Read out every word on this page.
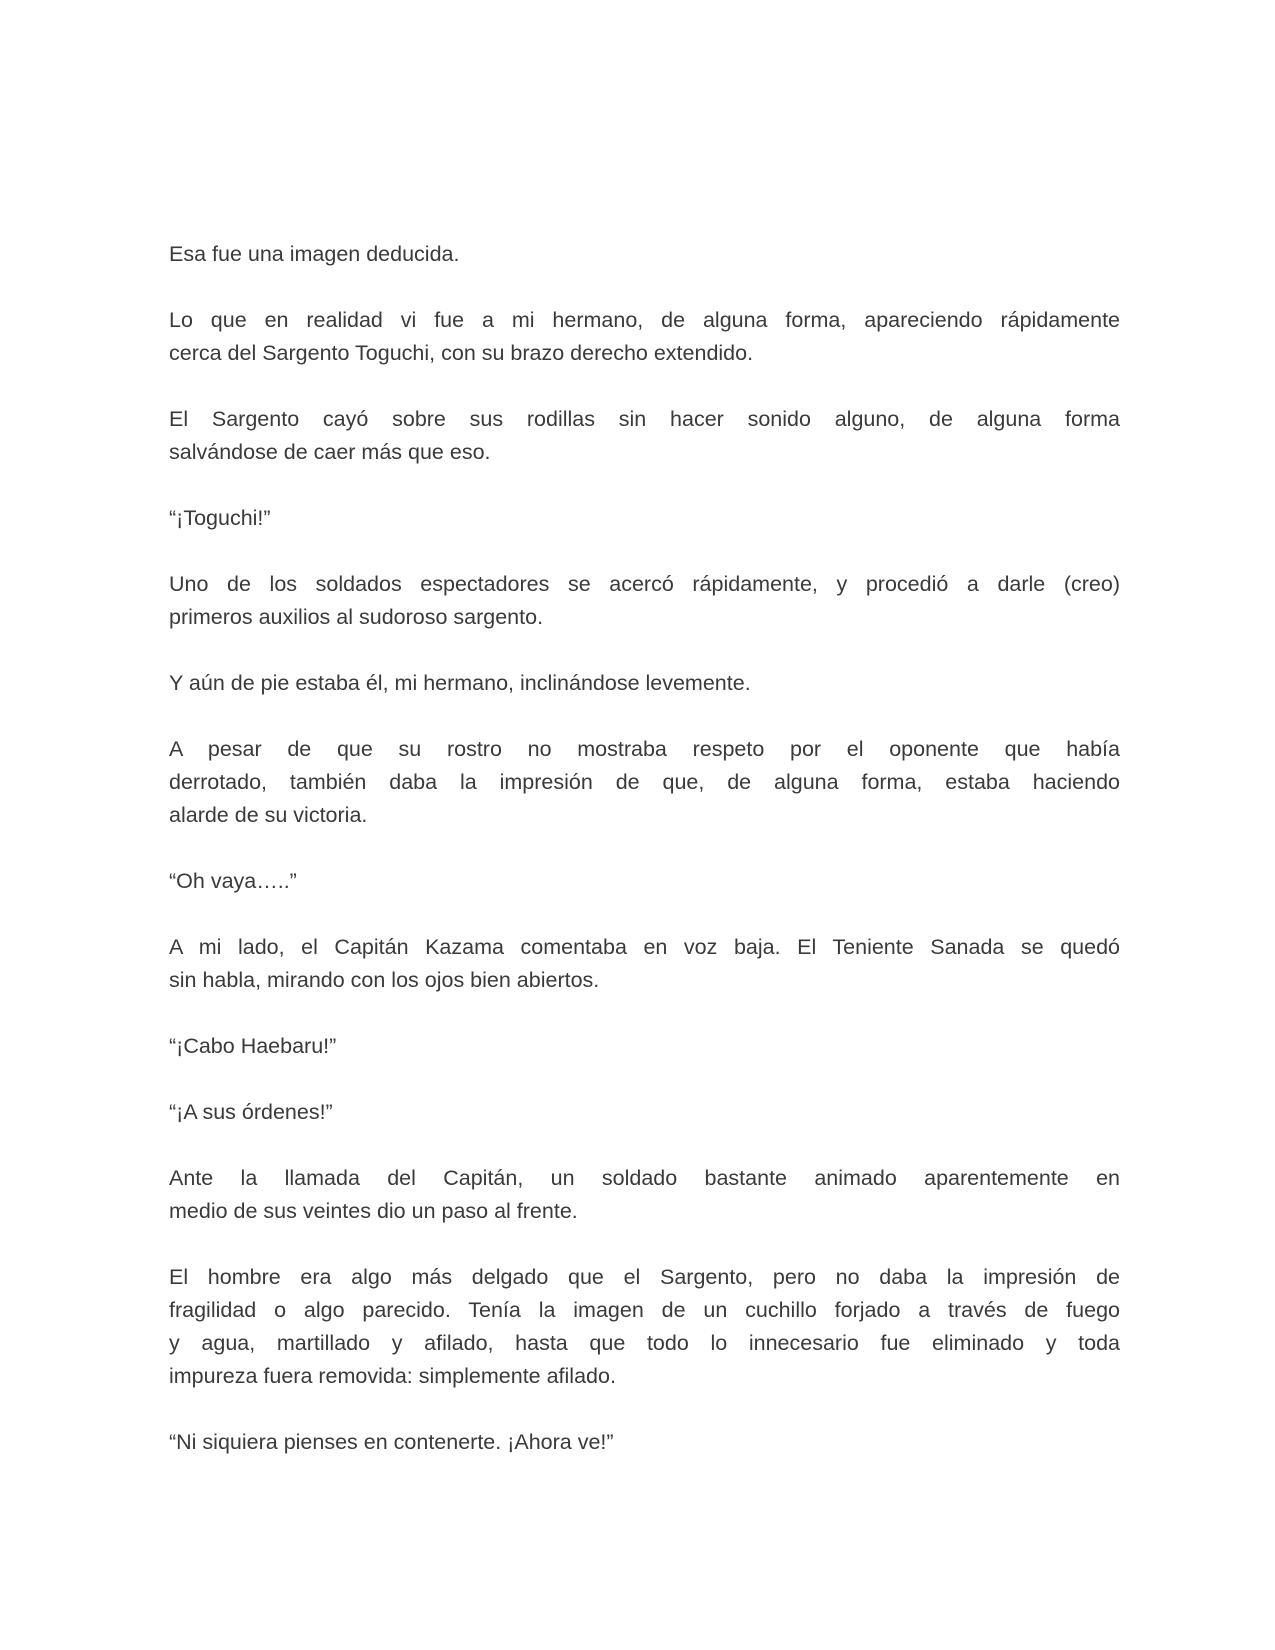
Esa fue una imagen deducida.

Lo que en realidad vi fue a mi hermano, de alguna forma, apareciendo rápidamente
cerca del Sargento Toguchi, con su brazo derecho extendido.

El Sargento cayó sobre sus rodillas sin hacer sonido alguno, de alguna forma
salvándose de caer más que eso.

“¡Toguchi!”

Uno de los soldados espectadores se acercó rápidamente, y procedió a darle (creo)
primeros auxilios al sudoroso sargento.

Y aún de pie estaba él, mi hermano, inclinándose levemente.

A pesar de que su rostro no mostraba respeto por el oponente que había
derrotado, también daba la impresión de que, de alguna forma, estaba haciendo
alarde de su victoria.

“Oh vaya…..”

A mi lado, el Capitán Kazama comentaba en voz baja. El Teniente Sanada se quedó
sin habla, mirando con los ojos bien abiertos.

“¡Cabo Haebaru!”

“¡A sus órdenes!”

Ante la llamada del Capitán, un soldado bastante animado aparentemente en
medio de sus veintes dio un paso al frente.

El hombre era algo más delgado que el Sargento, pero no daba la impresión de
fragilidad o algo parecido. Tenía la imagen de un cuchillo forjado a través de fuego
y agua, martillado y afilado, hasta que todo lo innecesario fue eliminado y toda
impureza fuera removida: simplemente afilado.

“Ni siquiera pienses en contenerte. ¡Ahora ve!”
